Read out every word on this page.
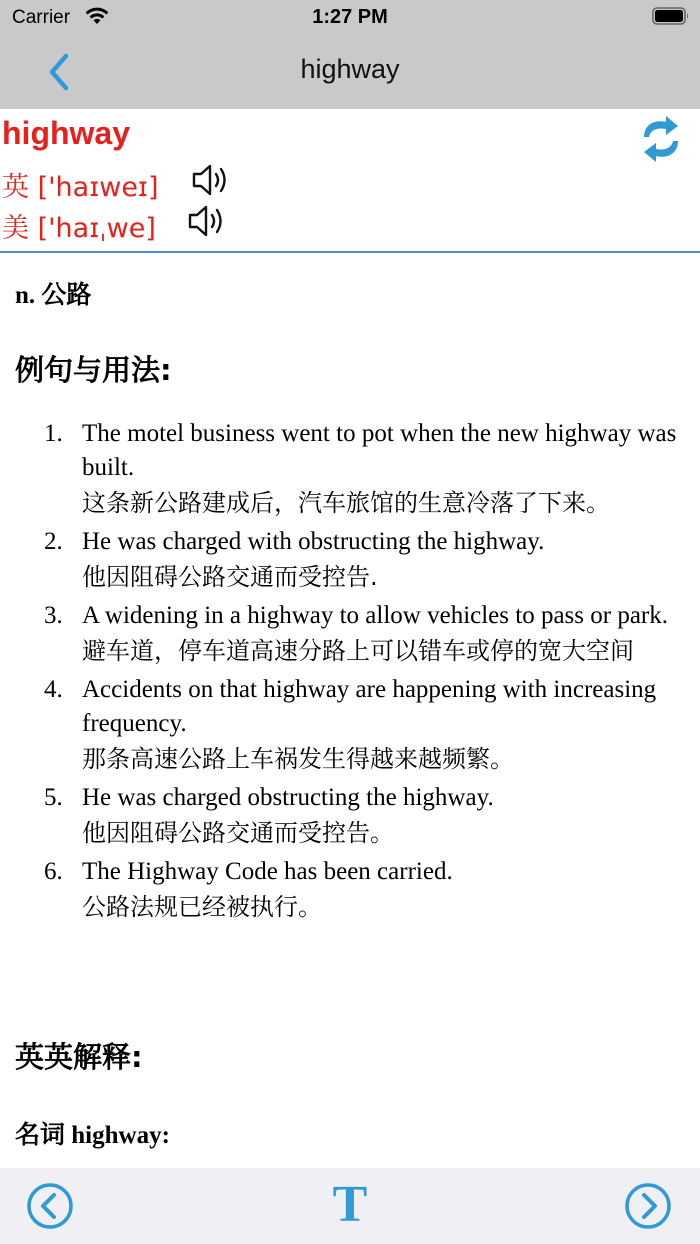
Carrier	1:27 PM
highway
highway
英 ['haɪweɪ]
美 ['haɪˌwe]
n. 公路
例句与用法:
1. The motel business went to pot when the new highway was built.
这条新公路建成后，汽车旅馆的生意冷落了下来。
2. He was charged with obstructing the highway.
他因阻碍公路交通而受控告.
3. A widening in a highway to allow vehicles to pass or park.
避车道，停车道高速分路上可以错车或停的宽大空间
4. Accidents on that highway are happening with increasing frequency.
那条高速公路上车祸发生得越来越频繁。
5. He was charged obstructing the highway.
他因阻碍公路交通而受控告。
6. The Highway Code has been carried.
公路法规已经被执行。
英英解释:
名词 highway:
T
